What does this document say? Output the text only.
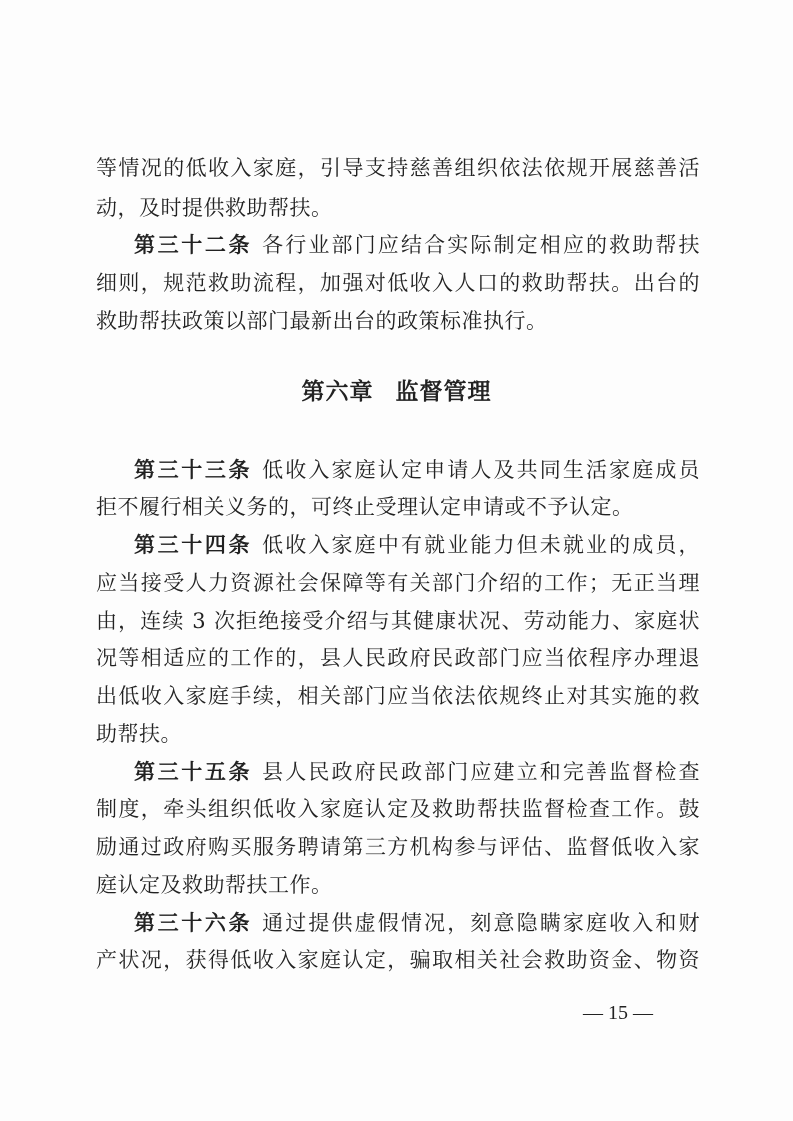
等情况的低收入家庭，引导支持慈善组织依法依规开展慈善活
动，及时提供救助帮扶。
第三十二条 各行业部门应结合实际制定相应的救助帮扶
细则，规范救助流程，加强对低收入人口的救助帮扶。出台的
救助帮扶政策以部门最新出台的政策标准执行。
第六章 监督管理
第三十三条 低收入家庭认定申请人及共同生活家庭成员
拒不履行相关义务的，可终止受理认定申请或不予认定。
第三十四条 低收入家庭中有就业能力但未就业的成员，
应当接受人力资源社会保障等有关部门介绍的工作；无正当理
由，连续 3 次拒绝接受介绍与其健康状况、劳动能力、家庭状
况等相适应的工作的，县人民政府民政部门应当依程序办理退
出低收入家庭手续，相关部门应当依法依规终止对其实施的救
助帮扶。
第三十五条 县人民政府民政部门应建立和完善监督检查
制度，牵头组织低收入家庭认定及救助帮扶监督检查工作。鼓
励通过政府购买服务聘请第三方机构参与评估、监督低收入家
庭认定及救助帮扶工作。
第三十六条 通过提供虚假情况，刻意隐瞒家庭收入和财
产状况，获得低收入家庭认定，骗取相关社会救助资金、物资
— 15 —
